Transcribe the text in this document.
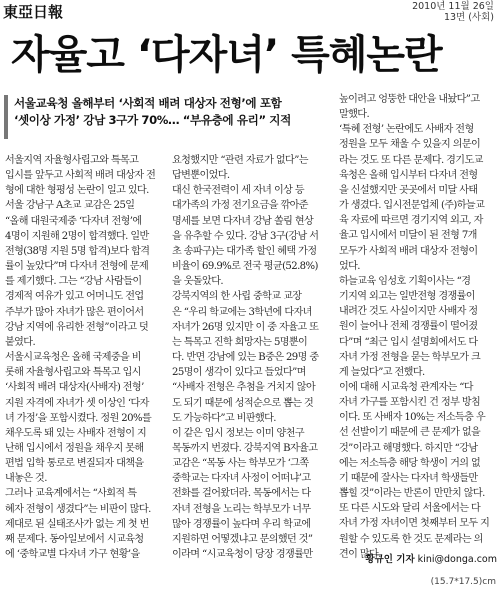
東亞日報	2010년 11월 26일
13면 (사회)
자율고 ‘다자녀’ 특혜논란
서울교육청 올해부터 ‘사회적 배려 대상자 전형’에 포함
‘셋이상 가정’ 강남 3구가 70%… “부유층에 유리” 지적
서울지역 자율형사립고와 특목고
입시를 앞두고 사회적 배려 대상자 전
형에 대한 형평성 논란이 일고 있다.
서울 강남구 A초교 교감은 25일
“올해 대원국제중 ‘다자녀 전형’에
4명이 지원해 2명이 합격했다. 일반
전형(38명 지원 5명 합격)보다 합격
률이 높았다”며 다자녀 전형에 문제
를 제기했다. 그는 “강남 사람들이
경제적 여유가 있고 어머니도 전업
주부가 많아 자녀가 많은 편이어서
강남 지역에 유리한 전형”이라고 덧
붙였다.
서울시교육청은 올해 국제중을 비
롯해 자율형사립고와 특목고 입시
‘사회적 배려 대상자(사배자) 전형’
지원 자격에 자녀가 셋 이상인 ‘다자
녀 가정’을 포함시켰다. 정원 20%를
채우도록 돼 있는 사배자 전형이 지
난해 입시에서 정원을 채우지 못해
편법 입학 통로로 변질되자 대책을
내놓은 것.
그러나 교육계에서는 “사회적 특
혜자 전형이 생겼다”는 비판이 많다.
제대로 된 실태조사가 없는 게 첫 번
째 문제다. 동아일보에서 시교육청
에 ‘중학교별 다자녀 가구 현황’을
요청했지만 “관련 자료가 없다”는
답변뿐이었다.
대신 한국전력이 세 자녀 이상 등
대가족의 가정 전기요금을 깎아준
명세를 보면 다자녀 강남 쏠림 현상
을 유추할 수 있다. 강남 3구(강남 서
초 송파구)는 대가족 할인 혜택 가정
비율이 69.9%로 전국 평균(52.8%)
을 웃돌았다.
강북지역의 한 사립 중학교 교장
은 “우리 학교에는 3학년에 다자녀
자녀가 26명 있지만 이 중 자율고 또
는 특목고 진학 희망자는 5명뿐이
다. 반면 강남에 있는 B중은 29명 중
25명이 생각이 있다고 들었다”며
“사배자 전형은 추첨을 거치지 않아
도 되기 때문에 성적순으로 뽑는 것
도 가능하다”고 비판했다.
이 같은 입시 정보는 이미 양천구
목동까지 번졌다. 강북지역 B자율고
교감은 “목동 사는 학부모가 ‘그쪽
중학교는 다자녀 사정이 어떠냐’고
전화를 걸어왔더라. 목동에서는 다
자녀 전형을 노리는 학부모가 너무
많아 경쟁률이 높다며 우리 학교에
지원하면 어떻겠냐고 문의했던 것”
이라며 “시교육청이 당장 경쟁률만
높이려고 엉뚱한 대안을 내놨다”고
말했다.
‘특혜 전형’ 논란에도 사배자 전형
정원을 모두 채울 수 있을지 의문이
라는 것도 또 다른 문제다. 경기도교
육청은 올해 입시부터 다자녀 전형
을 신설했지만 곳곳에서 미달 사태
가 생겼다. 입시전문업체 (주)하늘교
육 자료에 따르면 경기지역 외고, 자
율고 입시에서 미달이 된 전형 7개
모두가 사회적 배려 대상자 전형이
었다.
하늘교육 임성호 기획이사는 “경
기지역 외고는 일반전형 경쟁률이
내려간 것도 사실이지만 사배자 정
원이 늘어나 전체 경쟁률이 떨어졌
다”며 “최근 입시 설명회에서도 다
자녀 가정 전형을 묻는 학부모가 크
게 늘었다”고 전했다.
이에 대해 시교육청 관계자는 “다
자녀 가구를 포함시킨 건 정부 방침
이다. 또 사배자 10%는 저소득층 우
선 선발이기 때문에 큰 문제가 없을
것”이라고 해명했다. 하지만 “강남
에는 저소득층 해당 학생이 거의 없
기 때문에 잘사는 다자녀 학생들만
뽑힐 것”이라는 반론이 만만치 않다.
또 다른 시도와 달리 서울에서는 다
자녀 가정 자녀이면 첫째부터 모두 지
원할 수 있도록 한 것도 문제라는 의
견이 많다.
황규인 기자 kini@donga.com
(15.7*17.5)cm
